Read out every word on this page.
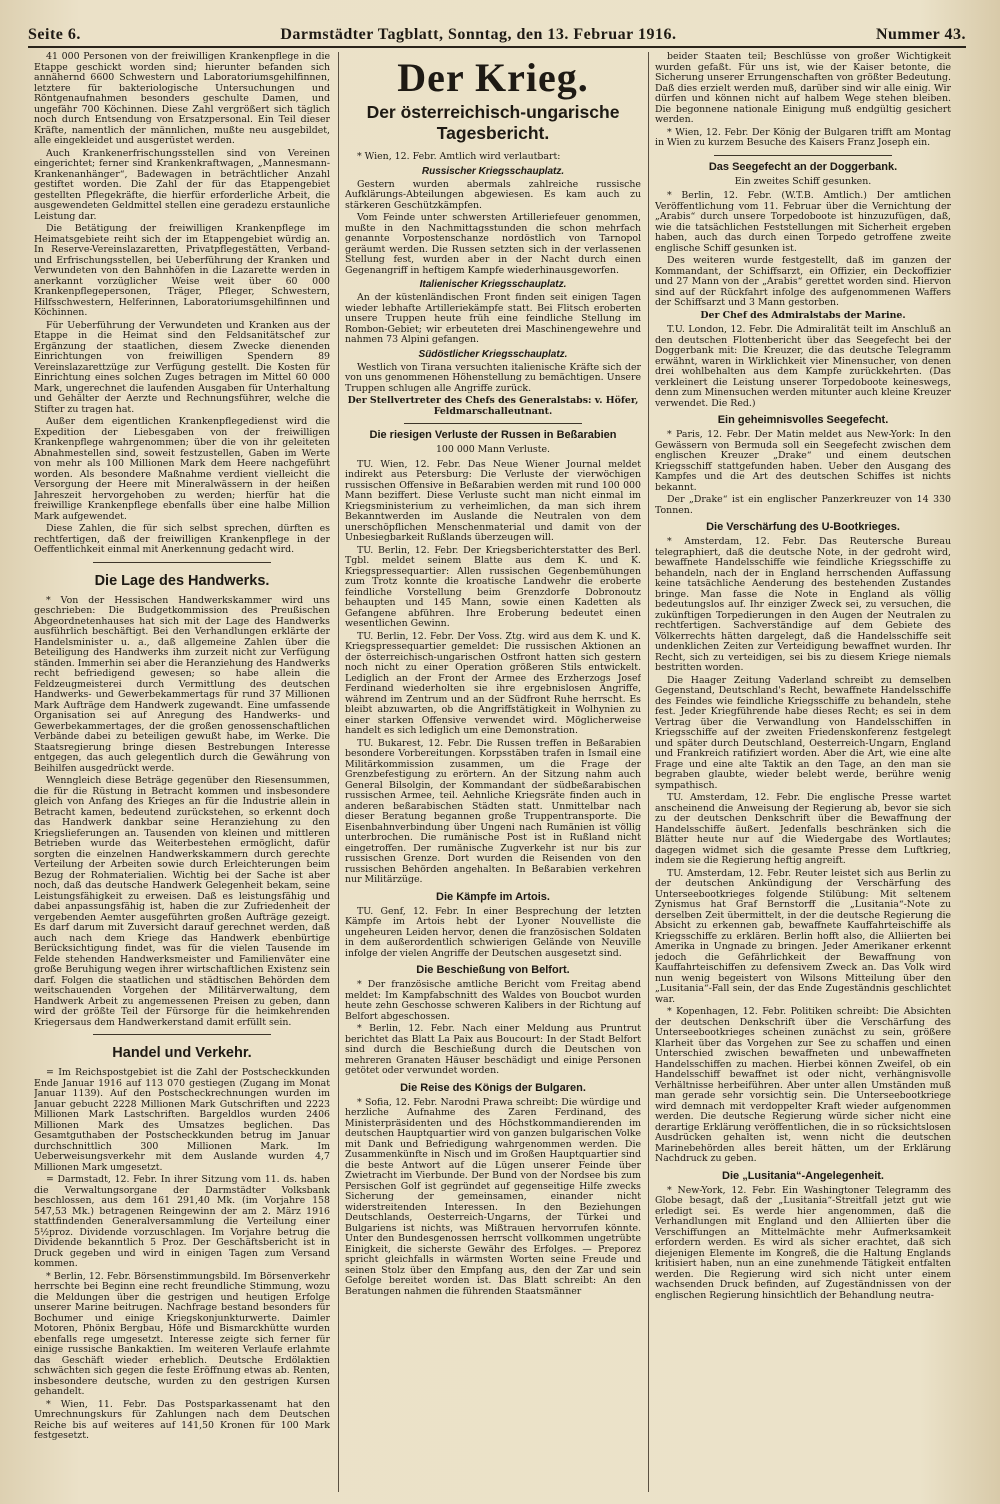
Seite 6.	Darmstädter Tagblatt, Sonntag, den 13. Februar 1916.	Nummer 43.

41 000 Personen von der freiwilligen Krankenpflege in die Etappe geschickt worden sind; hierunter befanden sich annähernd 6600 Schwestern und Laboratoriumsgehilfinnen, letztere für bakteriologische Untersuchungen und Röntgenaufnahmen besonders geschulte Damen, und ungefähr 700 Köchinnen. Diese Zahl vergrößert sich täglich noch durch Entsendung von Ersatzpersonal. Ein Teil dieser Kräfte, namentlich der männlichen, mußte neu ausgebildet, alle eingekleidet und ausgerüstet werden.

Auch Krankenerfrischungsstellen sind von Vereinen eingerichtet; ferner sind Krankenkraftwagen, „Mannesmann-Krankenanhänger“, Badewagen in beträchtlicher Anzahl gestiftet worden. Die Zahl der für das Etappengebiet gestellten Pflegekräfte, die hierfür erforderliche Arbeit, die ausgewendeten Geldmittel stellen eine geradezu erstaunliche Leistung dar.

Die Betätigung der freiwilligen Krankenpflege im Heimatsgebiete reiht sich der im Etappengebiet würdig an. In Reserve-Vereinslazaretten, Privatpflegestätten, Verband- und Erfrischungsstellen, bei Ueberführung der Kranken und Verwundeten von den Bahnhöfen in die Lazarette werden in anerkannt vorzüglicher Weise weit über 60 000 Krankenpflegepersonen, Träger, Pfleger, Schwestern, Hilfsschwestern, Helferinnen, Laboratoriumsgehilfinnen und Köchinnen.

Für Ueberführung der Verwundeten und Kranken aus der Etappe in die Heimat sind den Feldsanitätschef zur Ergänzung der staatlichen, diesem Zwecke dienenden Einrichtungen von freiwilligen Spendern 89 Vereinslazarettzüge zur Verfügung gestellt. Die Kosten für Einrichtung eines solchen Zuges betragen im Mittel 60 000 Mark, ungerechnet die laufenden Ausgaben für Unterhaltung und Gehälter der Aerzte und Rechnungsführer, welche die Stifter zu tragen hat.

Außer dem eigentlichen Krankenpflegedienst wird die Expedition der Liebesgaben von der freiwilligen Krankenpflege wahrgenommen; über die von ihr geleiteten Abnahmestellen sind, soweit festzustellen, Gaben im Werte von mehr als 100 Millionen Mark dem Heere nachgeführt worden. Als besondere Maßnahme verdient vielleicht die Versorgung der Heere mit Mineralwässern in der heißen Jahreszeit hervorgehoben zu werden; hierfür hat die freiwillige Krankenpflege ebenfalls über eine halbe Million Mark aufgewendet.

Diese Zahlen, die für sich selbst sprechen, dürften es rechtfertigen, daß der freiwilligen Krankenpflege in der Oeffentlichkeit einmal mit Anerkennung gedacht wird.

Die Lage des Handwerks.

* Von der Hessischen Handwerkskammer wird uns geschrieben: Die Budgetkommission des Preußischen Abgeordnetenhauses hat sich mit der Lage des Handwerks ausführlich beschäftigt. Bei den Verhandlungen erklärte der Handelsminister u. a., daß allgemeine Zahlen über die Beteiligung des Handwerks ihm zurzeit nicht zur Verfügung ständen. Immerhin sei aber die Heranziehung des Handwerks recht befriedigend gewesen; so habe allein die Feldzeugmeisterei durch Vermittlung des deutschen Handwerks- und Gewerbekammertags für rund 37 Millionen Mark Aufträge dem Handwerk zugewandt. Eine umfassende Organisation sei auf Anregung des Handwerks- und Gewerbekammertages, der die großen genossenschaftlichen Verbände dabei zu beteiligen gewußt habe, im Werke. Die Staatsregierung bringe diesen Bestrebungen Interesse entgegen, das auch gelegentlich durch die Gewährung von Beihilfen ausgedrückt werde.

Wenngleich diese Beträge gegenüber den Riesensummen, die für die Rüstung in Betracht kommen und insbesondere gleich von Anfang des Krieges an für die Industrie allein in Betracht kamen, bedeutend zurückstehen, so erkennt doch das Handwerk dankbar seine Heranziehung zu den Kriegslieferungen an. Tausenden von kleinen und mittleren Betrieben wurde das Weiterbestehen ermöglicht, dafür sorgten die einzelnen Handwerkskammern durch gerechte Verteilung der Arbeiten sowie durch Erleichterungen beim Bezug der Rohmaterialien. Wichtig bei der Sache ist aber noch, daß das deutsche Handwerk Gelegenheit bekam, seine Leistungsfähigkeit zu erweisen. Daß es leistungsfähig und dabei anpassungsfähig ist, haben die zur Zufriedenheit der vergebenden Aemter ausgeführten großen Aufträge gezeigt. Es darf darum mit Zuversicht darauf gerechnet werden, daß auch nach dem Kriege das Handwerk ebenbürtige Berücksichtigung findet, was für die vielen Tausende im Felde stehenden Handwerksmeister und Familienväter eine große Beruhigung wegen ihrer wirtschaftlichen Existenz sein darf. Folgen die staatlichen und städtischen Behörden dem weitschauenden Vorgehen der Militärverwaltung, dem Handwerk Arbeit zu angemessenen Preisen zu geben, dann wird der größte Teil der Fürsorge für die heimkehrenden Kriegersaus dem Handwerkerstand damit erfüllt sein.

Handel und Verkehr.

= Im Reichspostgebiet ist die Zahl der Postscheckkunden Ende Januar 1916 auf 113 070 gestiegen (Zugang im Monat Januar 1139). Auf den Postscheckrechnungen wurden im Januar gebucht 2228 Millionen Mark Gutschriften und 2223 Millionen Mark Lastschriften. Bargeldlos wurden 2406 Millionen Mark des Umsatzes beglichen. Das Gesamtguthaben der Postscheckkunden betrug im Januar durchschnittlich 300 Millionen Mark. Im Ueberweisungsverkehr mit dem Auslande wurden 4,7 Millionen Mark umgesetzt.

= Darmstadt, 12. Febr. In ihrer Sitzung vom 11. ds. haben die Verwaltungsorgane der Darmstädter Volksbank beschlossen, aus dem 161 291,40 Mk. (im Vorjahre 158 547,53 Mk.) betragenen Reingewinn der am 2. März 1916 stattfindenden Generalversammlung die Verteilung einer 5½proz. Dividende vorzuschlagen. Im Vorjahre betrug die Dividende bekanntlich 5 Proz. Der Geschäftsbericht ist in Druck gegeben und wird in einigen Tagen zum Versand kommen.

* Berlin, 12. Febr. Börsenstimmungsbild. Im Börsenverkehr herrschte bei Beginn eine recht freundliche Stimmung, wozu die Meldungen über die gestrigen und heutigen Erfolge unserer Marine beitrugen. Nachfrage bestand besonders für Bochumer und einige Kriegskonjunkturwerte. Daimler Motoren, Phönix Bergbau, Höfe und Bismarckhütte wurden ebenfalls rege umgesetzt. Interesse zeigte sich ferner für einige russische Bankaktien. Im weiteren Verlaufe erlahmte das Geschäft wieder erheblich. Deutsche Erdölaktien schwächten sich gegen die feste Eröffnung etwas ab. Renten, insbesondere deutsche, wurden zu den gestrigen Kursen gehandelt.

* Wien, 11. Febr. Das Postsparkassenamt hat den Umrechnungskurs für Zahlungen nach dem Deutschen Reiche bis auf weiteres auf 141,50 Kronen für 100 Mark festgesetzt.

Der Krieg.
Der österreichisch-ungarische Tagesbericht.

* Wien, 12. Febr. Amtlich wird verlautbart:

Russischer Kriegsschauplatz.

Gestern wurden abermals zahlreiche russische Aufklärungs-Abteilungen abgewiesen. Es kam auch zu stärkeren Geschützkämpfen.

Vom Feinde unter schwersten Artilleriefeuer genommen, mußte in den Nachmittagsstunden die schon mehrfach genannte Vorpostenschanze nordöstlich von Tarnopol geräumt werden. Die Russen setzten sich in der verlassenen Stellung fest, wurden aber in der Nacht durch einen Gegenangriff in heftigem Kampfe wiederhinausgeworfen.

Italienischer Kriegsschauplatz.

An der küstenländischen Front finden seit einigen Tagen wieder lebhafte Artilleriekämpfe statt. Bei Flitsch eroberten unsere Truppen heute früh eine feindliche Stellung im Rombon-Gebiet; wir erbeuteten drei Maschinengewehre und nahmen 73 Alpini gefangen.

Südöstlicher Kriegsschauplatz.

Westlich von Tirana versuchten italienische Kräfte sich der von uns genommenen Höhenstellung zu bemächtigen. Unsere Truppen schlugen alle Angriffe zurück.

Der Stellvertreter des Chefs des Generalstabs: v. Höfer, Feldmarschalleutnant.
Die riesigen Verluste der Russen in Beßarabien
100 000 Mann Verluste.

TU. Wien, 12. Febr. Das Neue Wiener Journal meldet indirekt aus Petersburg: Die Verluste der vierwöchigen russischen Offensive in Beßarabien werden mit rund 100 000 Mann beziffert. Diese Verluste sucht man nicht einmal im Kriegsministerium zu verheimlichen, da man sich ihrem Bekanntwerden im Auslande die Neutralen von dem unerschöpflichen Menschenmaterial und damit von der Unbesiegbarkeit Rußlands überzeugen will.

TU. Berlin, 12. Febr. Der Kriegsberichterstatter des Berl. Tgbl. meldet seinem Blatte aus dem K. und K. Kriegspressequartier: Allen russischen Gegenbemühungen zum Trotz konnte die kroatische Landwehr die eroberte feindliche Vorstellung beim Grenzdorfe Dobronoutz behaupten und 145 Mann, sowie einen Kadetten als Gefangene abführen. Ihre Eroberung bedeutet einen wesentlichen Gewinn.

TU. Berlin, 12. Febr. Der Voss. Ztg. wird aus dem K. und K. Kriegspressequartier gemeldet: Die russischen Aktionen an der österreichisch-ungarischen Ostfront hatten sich gestern noch nicht zu einer Operation größeren Stils entwickelt. Lediglich an der Front der Armee des Erzherzogs Josef Ferdinand wiederholten sie ihre ergebnislosen Angriffe, während im Zentrum und an der Südfront Ruhe herrscht. Es bleibt abzuwarten, ob die Angriffstätigkeit in Wolhynien zu einer starken Offensive verwendet wird. Möglicherweise handelt es sich lediglich um eine Demonstration.

TU. Bukarest, 12. Febr. Die Russen treffen in Beßarabien besondere Vorbereitungen. Korpsstäben trafen in Ismail eine Militärkommission zusammen, um die Frage der Grenzbefestigung zu erörtern. An der Sitzung nahm auch General Bilsolgin, der Kommandant der südbeßarabischen russischen Armee, teil. Aehnliche Kriegsräte finden auch in anderen beßarabischen Städten statt. Unmittelbar nach dieser Beratung begannen große Truppentransporte. Die Eisenbahnverbindung über Ungeni nach Rumänien ist völlig unterbrochen. Die rumänische Post ist in Rußland nicht eingetroffen. Der rumänische Zugverkehr ist nur bis zur russischen Grenze. Dort wurden die Reisenden von den russischen Behörden angehalten. In Beßarabien verkehren nur Militärzüge.

Die Kämpfe im Artois.

TU. Genf, 12. Febr. In einer Besprechung der letzten Kämpfe im Artois hebt der Lyoner Nouvelliste die ungeheuren Leiden hervor, denen die französischen Soldaten in dem außerordentlich schwierigen Gelände von Neuville infolge der vielen Angriffe der Deutschen ausgesetzt sind.

Die Beschießung von Belfort.

* Der französische amtliche Bericht vom Freitag abend meldet: Im Kampfabschnitt des Waldes von Boucbot wurden heute zehn Geschosse schweren Kalibers in der Richtung auf Belfort abgeschossen.

* Berlin, 12. Febr. Nach einer Meldung aus Pruntrut berichtet das Blatt La Paix aus Boucourt: In der Stadt Belfort sind durch die Beschießung durch die Deutschen von mehreren Granaten Häuser beschädigt und einige Personen getötet oder verwundet worden.

Die Reise des Königs der Bulgaren.

* Sofia, 12. Febr. Narodni Prawa schreibt: Die würdige und herzliche Aufnahme des Zaren Ferdinand, des Ministerpräsidenten und des Höchstkommandierenden im deutschen Hauptquartier wird von ganzen bulgarischen Volke mit Dank und Befriedigung wahrgenommen werden. Die Zusammenkünfte in Nisch und im Großen Hauptquartier sind die beste Antwort auf die Lügen unserer Feinde über Zwietracht im Vierbunde. Der Bund von der Nordsee bis zum Persischen Golf ist gegründet auf gegenseitige Hilfe zwecks Sicherung der gemeinsamen, einander nicht widerstreitenden Interessen. In den Beziehungen Deutschlands, Oesterreich-Ungarns, der Türkei und Bulgariens ist nichts, was Mißtrauen hervorrufen könnte. Unter den Bundesgenossen herrscht vollkommen ungetrübte Einigkeit, die sicherste Gewähr des Erfolges. — Preporez spricht gleichfalls in wärmsten Worten seine Freude und seinen Stolz über den Empfang aus, den der Zar und sein Gefolge bereitet worden ist. Das Blatt schreibt: An den Beratungen nahmen die führenden Staatsmänner

beider Staaten teil; Beschlüsse von großer Wichtigkeit wurden gefaßt. Für uns ist, wie der Kaiser betonte, die Sicherung unserer Errungenschaften von größter Bedeutung. Daß dies erzielt werden muß, darüber sind wir alle einig. Wir dürfen und können nicht auf halbem Wege stehen bleiben. Die begonnene nationale Einigung muß endgültig gesichert werden.

* Wien, 12. Febr. Der König der Bulgaren trifft am Montag in Wien zu kurzem Besuche des Kaisers Franz Joseph ein.

Das Seegefecht an der Doggerbank.
Ein zweites Schiff gesunken.

* Berlin, 12. Febr. (W.T.B. Amtlich.) Der amtlichen Veröffentlichung vom 11. Februar über die Vernichtung der „Arabis“ durch unsere Torpedoboote ist hinzuzufügen, daß, wie die tatsächlichen Feststellungen mit Sicherheit ergeben haben, auch das durch einen Torpedo getroffene zweite englische Schiff gesunken ist.

Des weiteren wurde festgestellt, daß im ganzen der Kommandant, der Schiffsarzt, ein Offizier, ein Deckoffizier und 27 Mann von der „Arabis“ gerettet worden sind. Hiervon sind auf der Rückfahrt infolge des aufgenommenen Waffers der Schiffsarzt und 3 Mann gestorben.

Der Chef des Admiralstabs der Marine.

T.U. London, 12. Febr. Die Admiralität teilt im Anschluß an den deutschen Flottenbericht über das Seegefecht bei der Doggerbank mit: Die Kreuzer, die das deutsche Telegramm erwähnt, waren in Wirklichkeit vier Minensucher, von denen drei wohlbehalten aus dem Kampfe zurückkehrten. (Das verkleinert die Leistung unserer Torpedoboote keineswegs, denn zum Minensuchen werden mitunter auch kleine Kreuzer verwendet. Die Red.)

Ein geheimnisvolles Seegefecht.

* Paris, 12. Febr. Der Matin meldet aus New-York: In den Gewässern von Bermuda soll ein Seegefecht zwischen dem englischen Kreuzer „Drake“ und einem deutschen Kriegsschiff stattgefunden haben. Ueber den Ausgang des Kampfes und die Art des deutschen Schiffes ist nichts bekannt.

Der „Drake“ ist ein englischer Panzerkreuzer von 14 330 Tonnen.

Die Verschärfung des U-Bootkrieges.

* Amsterdam, 12. Febr. Das Reutersche Bureau telegraphiert, daß die deutsche Note, in der gedroht wird, bewaffnete Handelsschiffe wie feindliche Kriegsschiffe zu behandeln, nach der in England herrschenden Auffassung keine tatsächliche Aenderung des bestehenden Zustandes bringe. Man fasse die Note in England als völlig bedeutungslos auf. Ihr einziger Zweck sei, zu versuchen, die zukünftigen Torpedierungen in den Augen der Neutralen zu rechtfertigen. Sachverständige auf dem Gebiete des Völkerrechts hätten dargelegt, daß die Handelsschiffe seit undenklichen Zeiten zur Verteidigung bewaffnet wurden. Ihr Recht, sich zu verteidigen, sei bis zu diesem Kriege niemals bestritten worden.

Die Haager Zeitung Vaderland schreibt zu demselben Gegenstand, Deutschland's Recht, bewaffnete Handelsschiffe des Feindes wie feindliche Kriegsschiffe zu behandeln, stehe fest. Jeder Kriegführende habe dieses Recht; es sei in dem Vertrag über die Verwandlung von Handelsschiffen in Kriegsschiffe auf der zweiten Friedenskonferenz festgelegt und später durch Deutschland, Oesterreich-Ungarn, England und Frankreich ratifiziert worden. Aber die Art, wie eine alte Frage und eine alte Taktik an den Tage, an den man sie begraben glaubte, wieder belebt werde, berühre wenig sympathisch.

TU. Amsterdam, 12. Febr. Die englische Presse wartet anscheinend die Anweisung der Regierung ab, bevor sie sich zu der deutschen Denkschrift über die Bewaffnung der Handelsschiffe äußert. Jedenfalls beschränken sich die Blätter heute nur auf die Wiedergabe des Wortlautes; dagegen widmet sich die gesamte Presse dem Luftkrieg, indem sie die Regierung heftig angreift.

TU. Amsterdam, 12. Febr. Reuter leistet sich aus Berlin zu der deutschen Ankündigung der Verschärfung des Unterseebootkrieges folgende Stilübung: Mit seltenem Zynismus hat Graf Bernstorff die „Lusitania“-Note zu derselben Zeit übermittelt, in der die deutsche Regierung die Absicht zu erkennen gab, bewaffnete Kauffahrteischiffe als Kriegsschiffe zu erklären. Berlin hofft also, die Alliierten bei Amerika in Ungnade zu bringen. Jeder Amerikaner erkennt jedoch die Gefährlichkeit der Bewaffnung von Kauffahrteischiffen zu defensivem Zweck an. Das Volk wird nun wenig begeistert von Wilsons Mitteilung über den „Lusitania“-Fall sein, der das Ende Zugeständnis geschlichtet war.

* Kopenhagen, 12. Febr. Politiken schreibt: Die Absichten der deutschen Denkschrift über die Verschärfung des Unterseebootkrieges scheinen zunächst zu sein, größere Klarheit über das Vorgehen zur See zu schaffen und einen Unterschied zwischen bewaffneten und unbewaffneten Handelsschiffen zu machen. Hierbei können Zweifel, ob ein Handelsschiff bewaffnet ist oder nicht, verhängnisvolle Verhältnisse herbeiführen. Aber unter allen Umständen muß man gerade sehr vorsichtig sein. Die Unterseebootkriege wird demnach mit verdoppelter Kraft wieder aufgenommen werden. Die deutsche Regierung würde sicher nicht eine derartige Erklärung veröffentlichen, die in so rücksichtslosen Ausdrücken gehalten ist, wenn nicht die deutschen Marinebehörden alles bereit hätten, um der Erklärung Nachdruck zu geben.

Die „Lusitania“-Angelegenheit.

* New-York, 12. Febr. Ein Washingtoner Telegramm des Globe besagt, daß der „Lusitania“-Streitfall jetzt gut wie erledigt sei. Es werde hier angenommen, daß die Verhandlungen mit England und den Alliierten über die Verschiffungen an Mittelmächte mehr Aufmerksamkeit erfordern werden. Es wird als sicher erachtet, daß sich diejenigen Elemente im Kongreß, die die Haltung Englands kritisiert haben, nun an eine zunehmende Tätigkeit entfalten werden. Die Regierung wird sich nicht unter einem wachsenden Druck befinden, auf Zugeständnissen von der englischen Regierung hinsichtlich der Behandlung neutra-
